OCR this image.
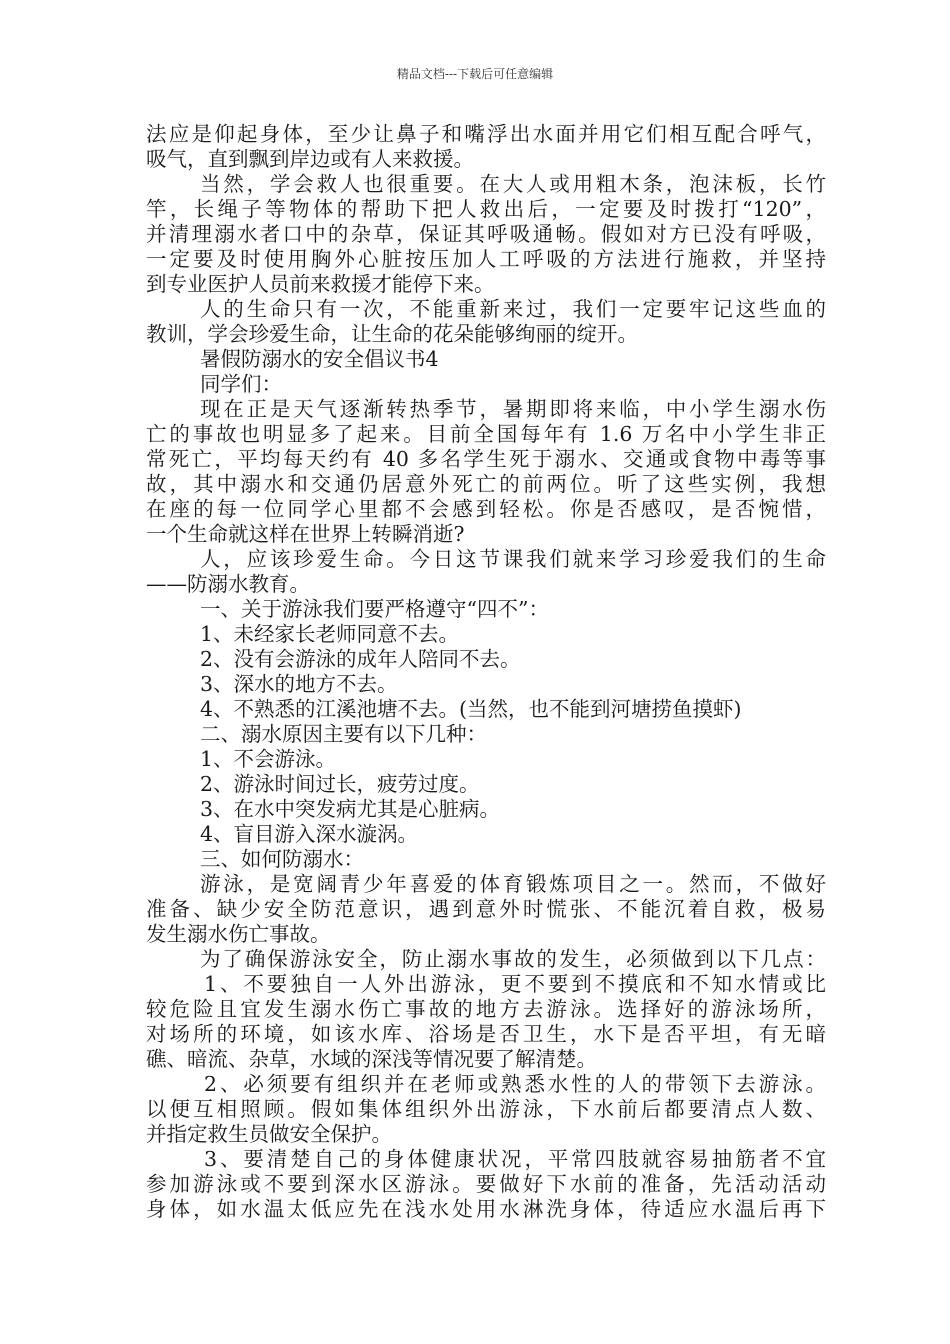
精品文档---下载后可任意编辑
法应是仰起身体，至少让鼻子和嘴浮出水面并用它们相互配合呼气，
吸气，直到飘到岸边或有人来救援。
当然，学会救人也很重要。在大人或用粗木条，泡沫板，长竹
竿，长绳子等物体的帮助下把人救出后，一定要及时拨打“120”，
并清理溺水者口中的杂草，保证其呼吸通畅。假如对方已没有呼吸，
一定要及时使用胸外心脏按压加人工呼吸的方法进行施救，并坚持
到专业医护人员前来救援才能停下来。
人的生命只有一次，不能重新来过，我们一定要牢记这些血的
教训，学会珍爱生命，让生命的花朵能够绚丽的绽开。
暑假防溺水的安全倡议书4
同学们：
现在正是天气逐渐转热季节，暑期即将来临，中小学生溺水伤
亡的事故也明显多了起来。目前全国每年有 1.6 万名中小学生非正
常死亡，平均每天约有 40 多名学生死于溺水、交通或食物中毒等事
故，其中溺水和交通仍居意外死亡的前两位。听了这些实例，我想
在座的每一位同学心里都不会感到轻松。你是否感叹，是否惋惜，
一个生命就这样在世界上转瞬消逝?
人，应该珍爱生命。今日这节课我们就来学习珍爱我们的生命
——防溺水教育。
一、关于游泳我们要严格遵守“四不”：
1、未经家长老师同意不去。
2、没有会游泳的成年人陪同不去。
3、深水的地方不去。
4、不熟悉的江溪池塘不去。(当然，也不能到河塘捞鱼摸虾)
二、溺水原因主要有以下几种：
1、不会游泳。
2、游泳时间过长，疲劳过度。
3、在水中突发病尤其是心脏病。
4、盲目游入深水漩涡。
三、如何防溺水：
游泳，是宽阔青少年喜爱的体育锻炼项目之一。然而，不做好
准备、缺少安全防范意识，遇到意外时慌张、不能沉着自救，极易
发生溺水伤亡事故。
为了确保游泳安全，防止溺水事故的发生，必须做到以下几点：
1、不要独自一人外出游泳，更不要到不摸底和不知水情或比
较危险且宜发生溺水伤亡事故的地方去游泳。选择好的游泳场所，
对场所的环境，如该水库、浴场是否卫生，水下是否平坦，有无暗
礁、暗流、杂草，水域的深浅等情况要了解清楚。
2、必须要有组织并在老师或熟悉水性的人的带领下去游泳。
以便互相照顾。假如集体组织外出游泳，下水前后都要清点人数、
并指定救生员做安全保护。
3、要清楚自己的身体健康状况，平常四肢就容易抽筋者不宜
参加游泳或不要到深水区游泳。要做好下水前的准备，先活动活动
身体，如水温太低应先在浅水处用水淋洗身体，待适应水温后再下
